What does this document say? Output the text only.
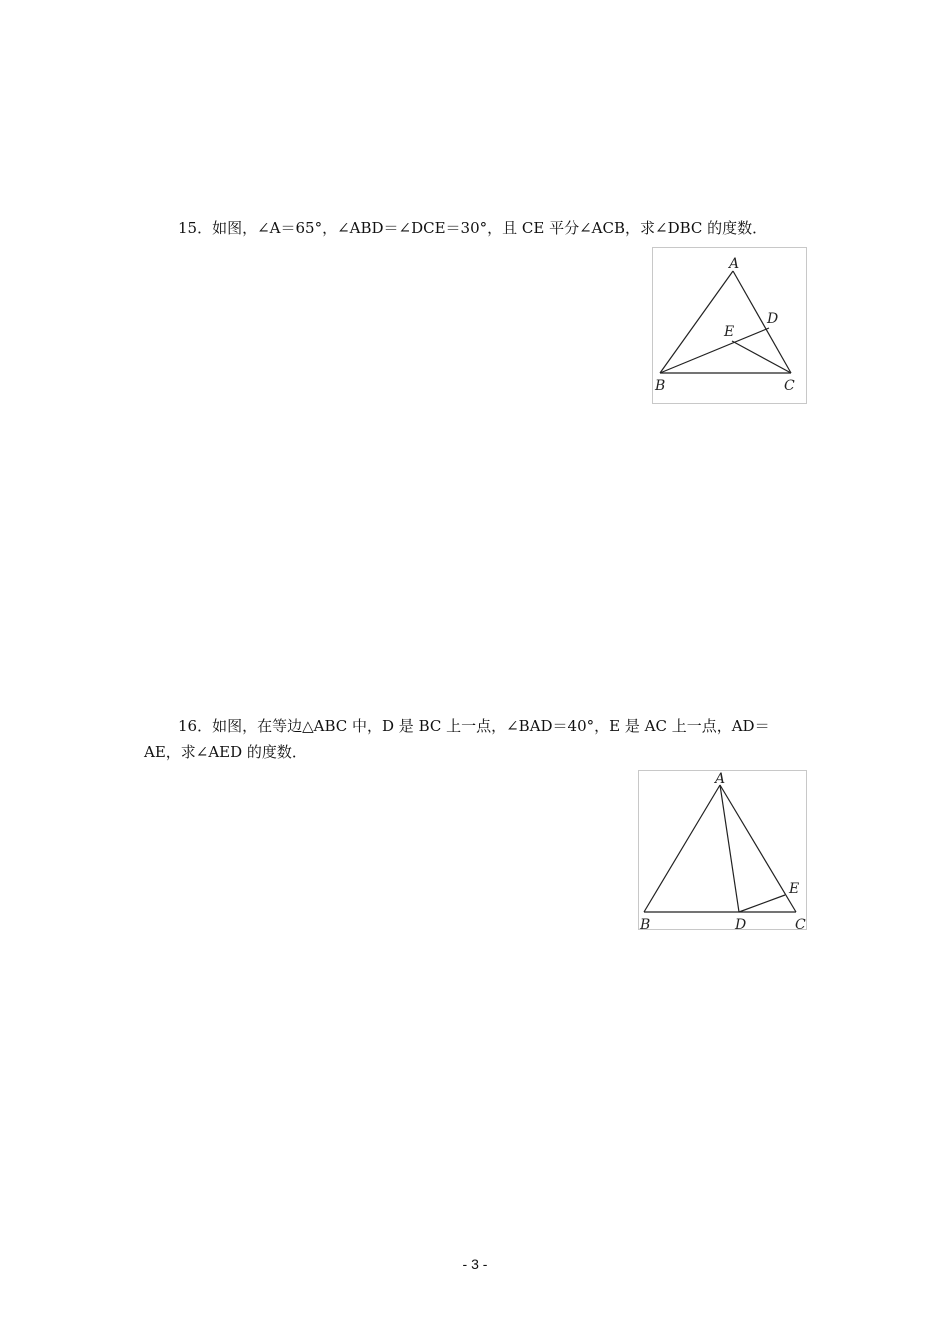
15．如图，∠A＝65°，∠ABD＝∠DCE＝30°，且 CE 平分∠ACB，求∠DBC 的度数．
A
B	C
D
E
16．如图，在等边△ABC 中，D 是 BC 上一点，∠BAD＝40°，E 是 AC 上一点，AD＝
AE，求∠AED 的度数．
A
B	C
D
E
- 3 -
